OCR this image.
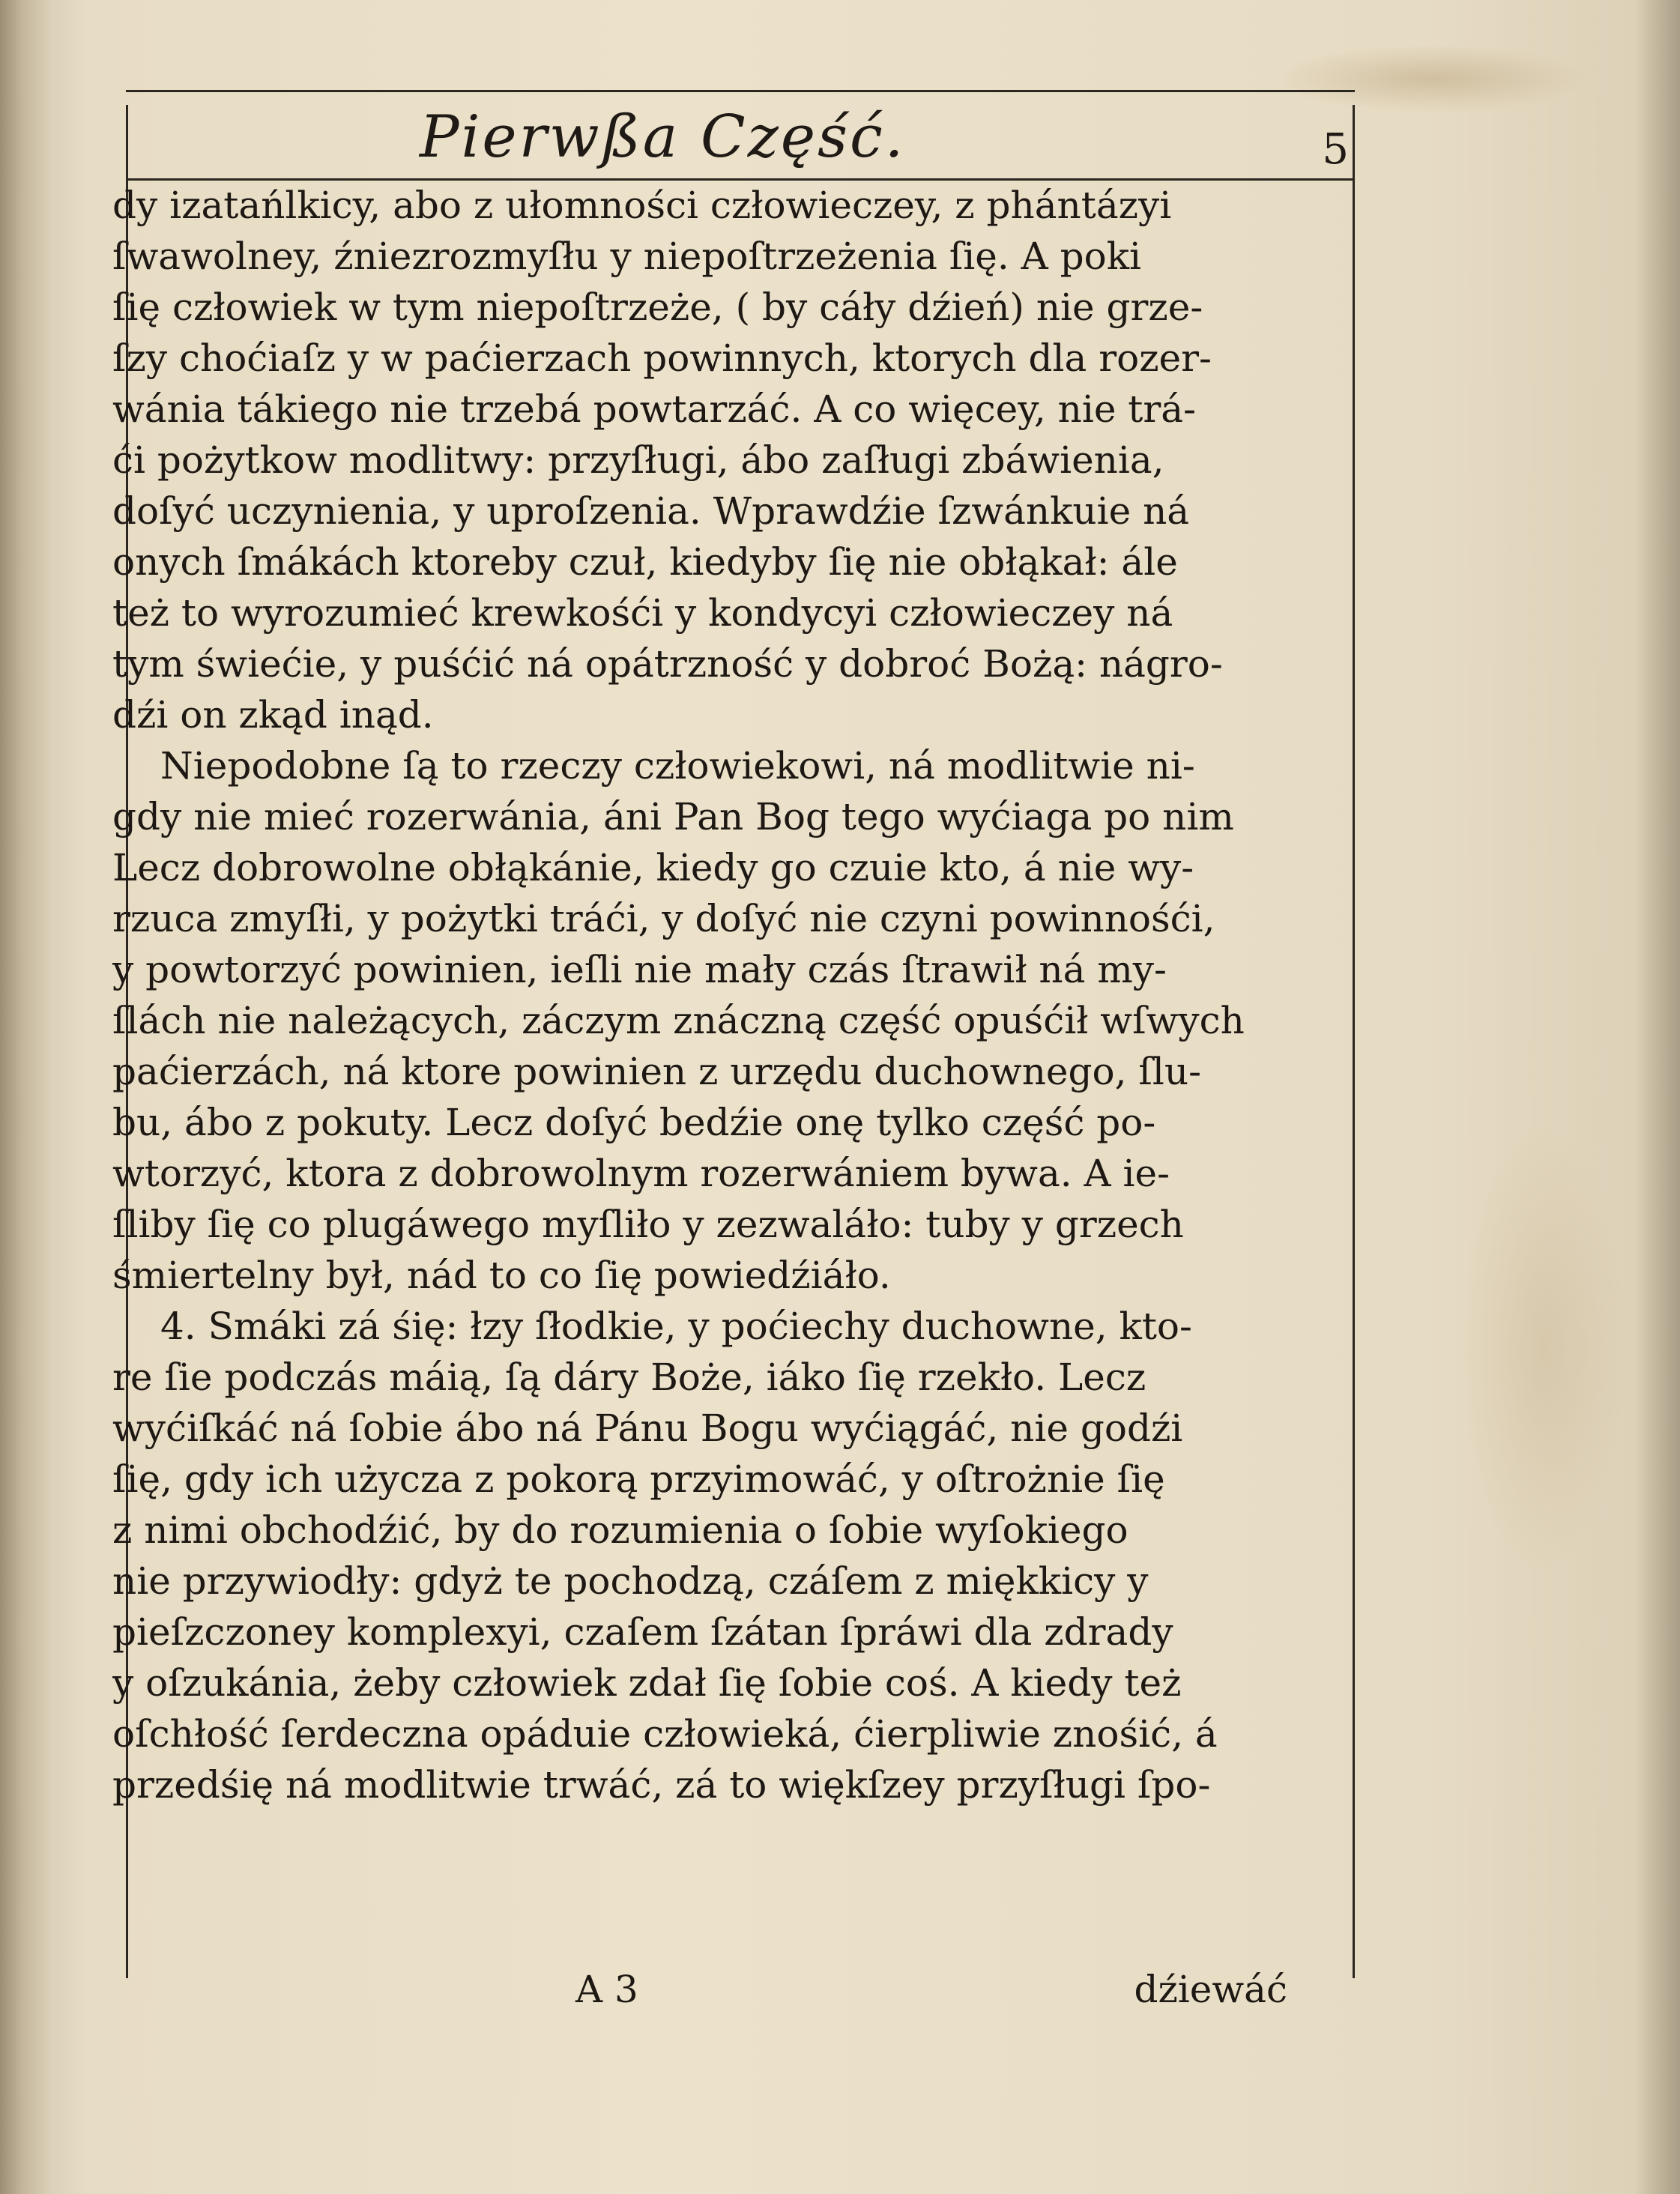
Pierwßa Część.	5
dy izatańlkicy, abo z ułomności człowieczey, z phántázyi
ſwawolney, źniezrozmyſłu y niepoſtrzeżenia ſię. A poki
ſię człowiek w tym niepoſtrzeże, ( by cáły dźień) nie grze-
ſzy choćiaſz y w paćierzach powinnych, ktorych dla rozer-
wánia tákiego nie trzebá powtarzáć. A co więcey, nie trá-
ći pożytkow modlitwy: przyſługi, ábo zaſługi zbáwienia,
doſyć uczynienia, y uproſzenia. Wprawdźie ſzwánkuie ná
onych ſmákách ktoreby czuł, kiedyby ſię nie obłąkał: ále
też to wyrozumieć krewkośći y kondycyi człowieczey ná
tym świećie, y puśćić ná opátrzność y dobroć Bożą: nágro-
dźi on zkąd inąd.
Niepodobne ſą to rzeczy człowiekowi, ná modlitwie ni-
gdy nie mieć rozerwánia, áni Pan Bog tego wyćiaga po nim
Lecz dobrowolne obłąkánie, kiedy go czuie kto, á nie wy-
rzuca zmyſłi, y pożytki tráći, y doſyć nie czyni powinnośći,
y powtorzyć powinien, ieſli nie mały czás ſtrawił ná my-
ſlách nie należących, záczym znáczną część opuśćił wſwych
paćierzách, ná ktore powinien z urzędu duchownego, ſlu-
bu, ábo z pokuty. Lecz doſyć bedźie onę tylko część po-
wtorzyć, ktora z dobrowolnym rozerwániem bywa. A ie-
ſliby ſię co plugáwego myſliło y zezwaláło: tuby y grzech
śmiertelny był, nád to co ſię powiedźiáło.
4. Smáki zá śię: łzy ſłodkie, y poćiechy duchowne, kto-
re ſie podczás máią, ſą dáry Boże, iáko ſię rzekło. Lecz
wyćiſkáć ná ſobie ábo ná Pánu Bogu wyćiągáć, nie godźi
ſię, gdy ich użycza z pokorą przyimowáć, y oſtrożnie ſię
z nimi obchodźić, by do rozumienia o ſobie wyſokiego
nie przywiodły: gdyż te pochodzą, czáſem z miękkicy y
pieſzczoney komplexyi, czaſem ſzátan ſpráwi dla zdrady
y oſzukánia, żeby człowiek zdał ſię ſobie coś. A kiedy też
oſchłość ſerdeczna opáduie człowieká, ćierpliwie znośić, á
przedśię ná modlitwie trwáć, zá to więkſzey przyſługi ſpo-
A 3	dźiewáć
